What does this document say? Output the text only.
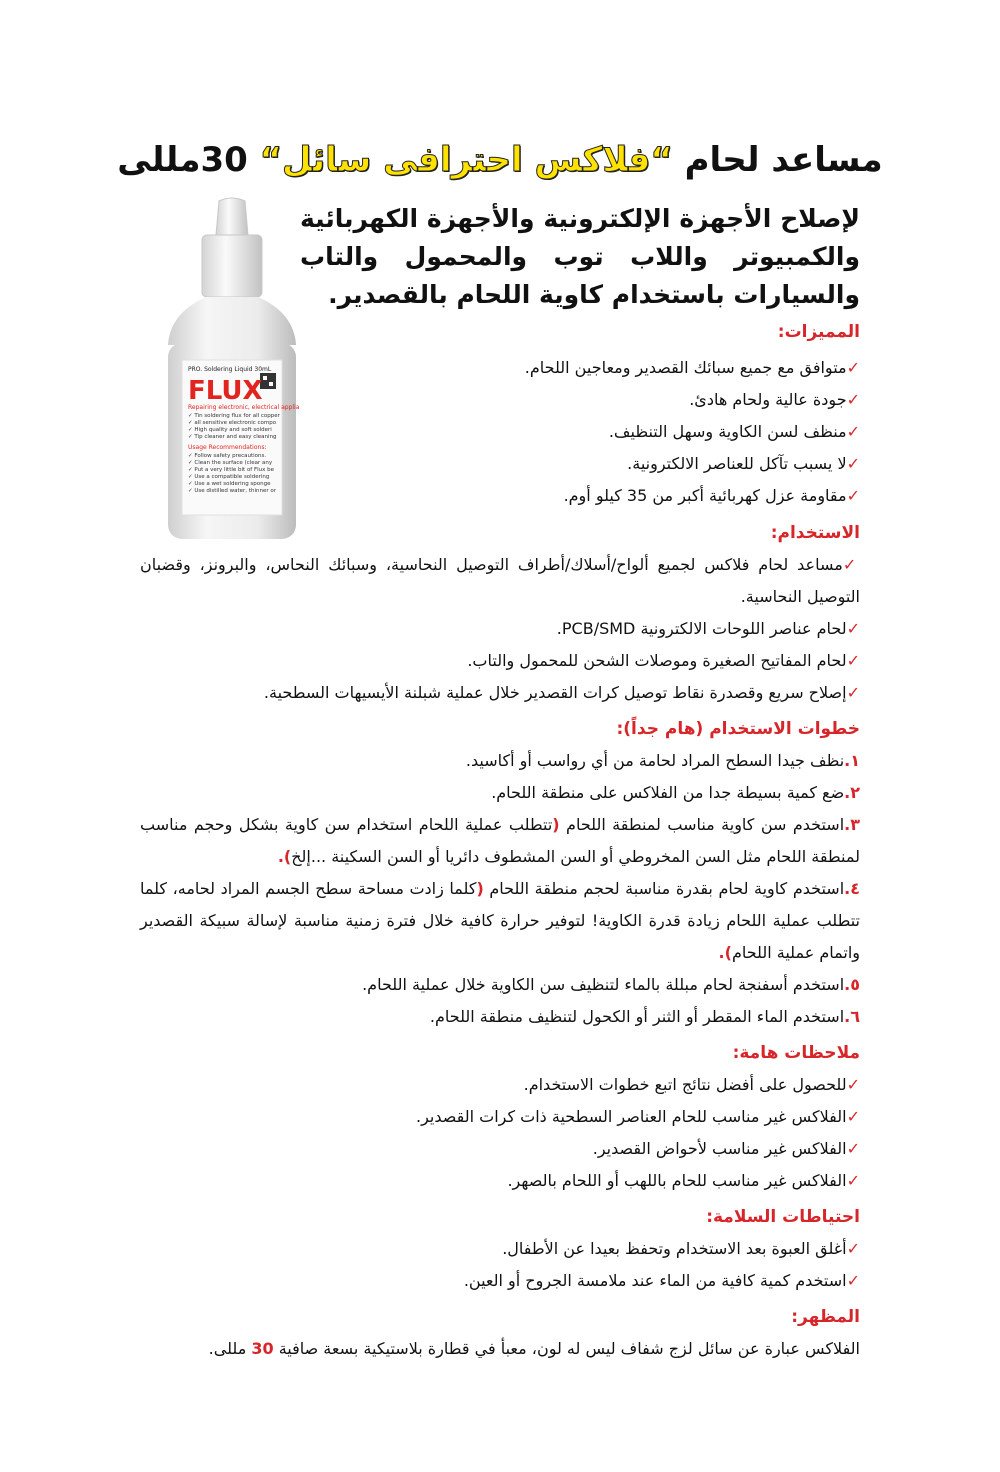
مساعد لحام “فلاكس احترافى سائل“ 30مللى
PRO. Soldering Liquid 30mL
FLUX
Repairing electronic, electrical applia
✓ Tin soldering flux for all copper
✓ all sensitive electronic compo
✓ High quality and soft solderi
✓ Tip cleaner and easy cleaning
Usage Recommendations:
✓ Follow safety precautions.
✓ Clean the surface (clear any
✓ Put a very little bit of Flux be
✓ Use a compatible soldering
✓ Use a wet soldering sponge
✓ Use distilled water, thinner or
لإصلاح الأجهزة الإلكترونية والأجهزة الكهربائية والكمبيوتر واللاب توب والمحمول والتاب والسيارات باستخدام كاوية اللحام بالقصدير.
المميزات:
✓متوافق مع جميع سبائك القصدير ومعاجين اللحام.
✓جودة عالية ولحام هادئ.
✓منظف لسن الكاوية وسهل التنظيف.
✓لا يسبب تآكل للعناصر الالكترونية.
✓مقاومة عزل كهربائية أكبر من 35 كيلو أوم.
الاستخدام:
✓مساعد لحام فلاكس لجميع ألواح/أسلاك/أطراف التوصيل النحاسية، وسبائك النحاس، والبرونز، وقضبان التوصيل النحاسية.
✓لحام عناصر اللوحات الالكترونية PCB/SMD.
✓لحام المفاتيح الصغيرة وموصلات الشحن للمحمول والتاب.
✓إصلاح سريع وقصدرة نقاط توصيل كرات القصدير خلال عملية شبلنة الأيسيهات السطحية.
خطوات الاستخدام (هام جداً):
١.نظف جيدا السطح المراد لحامة من أي رواسب أو أكاسيد.
٢.ضع كمية بسيطة جدا من الفلاكس على منطقة اللحام.
٣.استخدم سن كاوية مناسب لمنطقة اللحام (تتطلب عملية اللحام استخدام سن كاوية بشكل وحجم مناسب لمنطقة اللحام مثل السن المخروطي أو السن المشطوف دائريا أو السن السكينة ...إلخ).
٤.استخدم كاوية لحام بقدرة مناسبة لحجم منطقة اللحام (كلما زادت مساحة سطح الجسم المراد لحامه، كلما تتطلب عملية اللحام زيادة قدرة الكاوية! لتوفير حرارة كافية خلال فترة زمنية مناسبة لإسالة سبيكة القصدير واتمام عملية اللحام).
٥.استخدم أسفنجة لحام مبللة بالماء لتنظيف سن الكاوية خلال عملية اللحام.
٦.استخدم الماء المقطر أو الثنر أو الكحول لتنظيف منطقة اللحام.
ملاحظات هامة:
✓للحصول على أفضل نتائج اتبع خطوات الاستخدام.
✓الفلاكس غير مناسب للحام العناصر السطحية ذات كرات القصدير.
✓الفلاكس غير مناسب لأحواض القصدير.
✓الفلاكس غير مناسب للحام باللهب أو اللحام بالصهر.
احتياطات السلامة:
✓أغلق العبوة بعد الاستخدام وتحفظ بعيدا عن الأطفال.
✓استخدم كمية كافية من الماء عند ملامسة الجروح أو العين.
المظهر:
الفلاكس عبارة عن سائل لزج شفاف ليس له لون، معبأ في قطارة بلاستيكية بسعة صافية 30 مللى.
